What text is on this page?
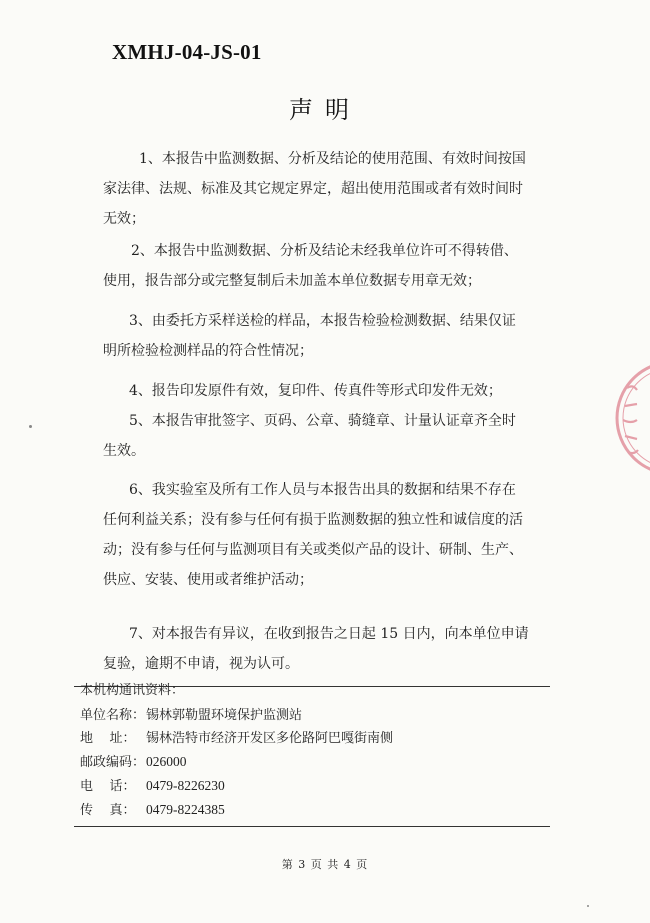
XMHJ-04-JS-01
声明
1、本报告中监测数据、分析及结论的使用范围、有效时间按国
家法律、法规、标准及其它规定界定，超出使用范围或者有效时间时
无效；
2、本报告中监测数据、分析及结论未经我单位许可不得转借、
使用，报告部分或完整复制后未加盖本单位数据专用章无效；
3、由委托方采样送检的样品，本报告检验检测数据、结果仅证
明所检验检测样品的符合性情况；
4、报告印发原件有效，复印件、传真件等形式印发件无效；
5、本报告审批签字、页码、公章、骑缝章、计量认证章齐全时
生效。
6、我实验室及所有工作人员与本报告出具的数据和结果不存在
任何利益关系；没有参与任何有损于监测数据的独立性和诚信度的活
动；没有参与任何与监测项目有关或类似产品的设计、研制、生产、
供应、安装、使用或者维护活动；
7、对本报告有异议，在收到报告之日起 15 日内，向本单位申请
复验，逾期不申请，视为认可。
本机构通讯资料：
单位名称：锡林郭勒盟环境保护监测站
地    址： 锡林浩特市经济开发区多伦路阿巴嘎街南侧
邮政编码：026000
电    话： 0479-8226230
传    真： 0479-8224385
第 3 页 共 4 页
